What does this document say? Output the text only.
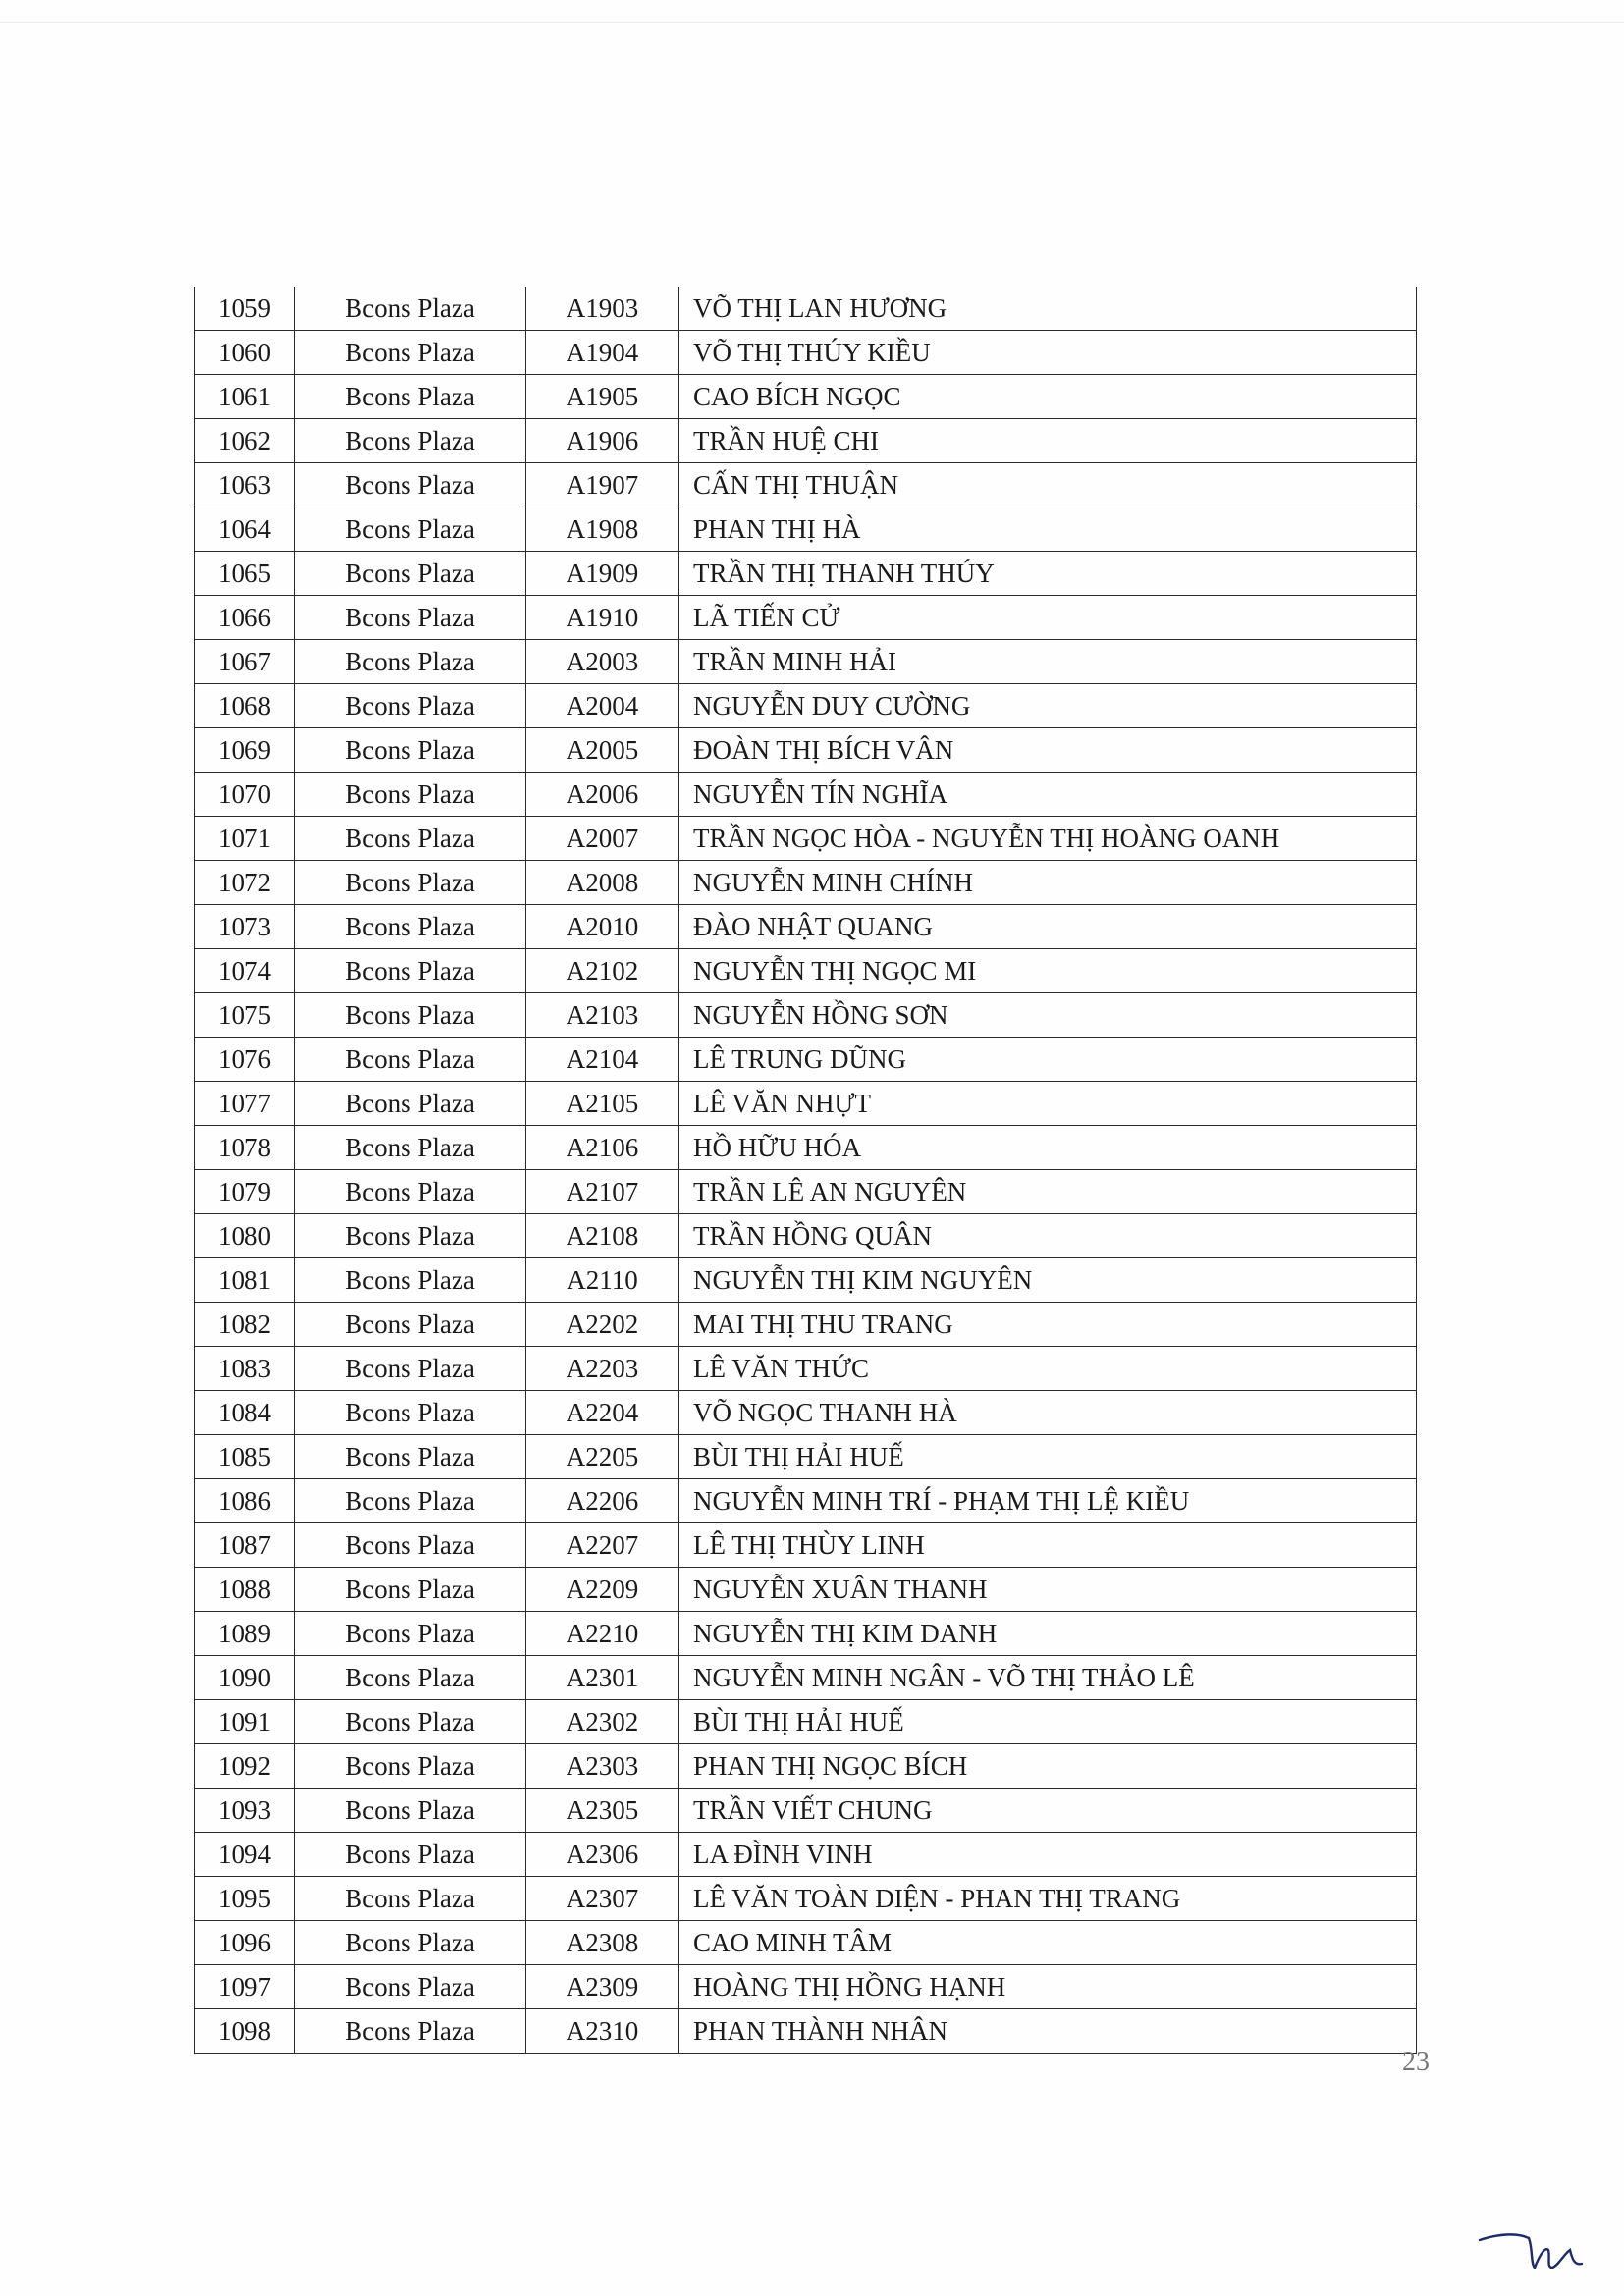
1059	Bcons Plaza	A1903	VÕ THỊ LAN HƯƠNG
1060	Bcons Plaza	A1904	VÕ THỊ THÚY KIỀU
1061	Bcons Plaza	A1905	CAO BÍCH NGỌC
1062	Bcons Plaza	A1906	TRẦN HUỆ CHI
1063	Bcons Plaza	A1907	CẤN THỊ THUẬN
1064	Bcons Plaza	A1908	PHAN THỊ HÀ
1065	Bcons Plaza	A1909	TRẦN THỊ THANH THÚY
1066	Bcons Plaza	A1910	LÃ TIẾN CỬ
1067	Bcons Plaza	A2003	TRẦN MINH HẢI
1068	Bcons Plaza	A2004	NGUYỄN DUY CƯỜNG
1069	Bcons Plaza	A2005	ĐOÀN THỊ BÍCH VÂN
1070	Bcons Plaza	A2006	NGUYỄN TÍN NGHĨA
1071	Bcons Plaza	A2007	TRẦN NGỌC HÒA - NGUYỄN THỊ HOÀNG OANH
1072	Bcons Plaza	A2008	NGUYỄN MINH CHÍNH
1073	Bcons Plaza	A2010	ĐÀO NHẬT QUANG
1074	Bcons Plaza	A2102	NGUYỄN THỊ NGỌC MI
1075	Bcons Plaza	A2103	NGUYỄN HỒNG SƠN
1076	Bcons Plaza	A2104	LÊ TRUNG DŨNG
1077	Bcons Plaza	A2105	LÊ VĂN NHỰT
1078	Bcons Plaza	A2106	HỒ HỮU HÓA
1079	Bcons Plaza	A2107	TRẦN LÊ AN NGUYÊN
1080	Bcons Plaza	A2108	TRẦN HỒNG QUÂN
1081	Bcons Plaza	A2110	NGUYỄN THỊ KIM NGUYÊN
1082	Bcons Plaza	A2202	MAI THỊ THU TRANG
1083	Bcons Plaza	A2203	LÊ VĂN THỨC
1084	Bcons Plaza	A2204	VÕ NGỌC THANH HÀ
1085	Bcons Plaza	A2205	BÙI THỊ HẢI HUẾ
1086	Bcons Plaza	A2206	NGUYỄN MINH TRÍ - PHẠM THỊ LỆ KIỀU
1087	Bcons Plaza	A2207	LÊ THỊ THÙY LINH
1088	Bcons Plaza	A2209	NGUYỄN XUÂN THANH
1089	Bcons Plaza	A2210	NGUYỄN THỊ KIM DANH
1090	Bcons Plaza	A2301	NGUYỄN MINH NGÂN - VÕ THỊ THẢO LÊ
1091	Bcons Plaza	A2302	BÙI THỊ HẢI HUẾ
1092	Bcons Plaza	A2303	PHAN THỊ NGỌC BÍCH
1093	Bcons Plaza	A2305	TRẦN VIẾT CHUNG
1094	Bcons Plaza	A2306	LA ĐÌNH VINH
1095	Bcons Plaza	A2307	LÊ VĂN TOÀN DIỆN - PHAN THỊ TRANG
1096	Bcons Plaza	A2308	CAO MINH TÂM
1097	Bcons Plaza	A2309	HOÀNG THỊ HỒNG HẠNH
1098	Bcons Plaza	A2310	PHAN THÀNH NHÂN
23
